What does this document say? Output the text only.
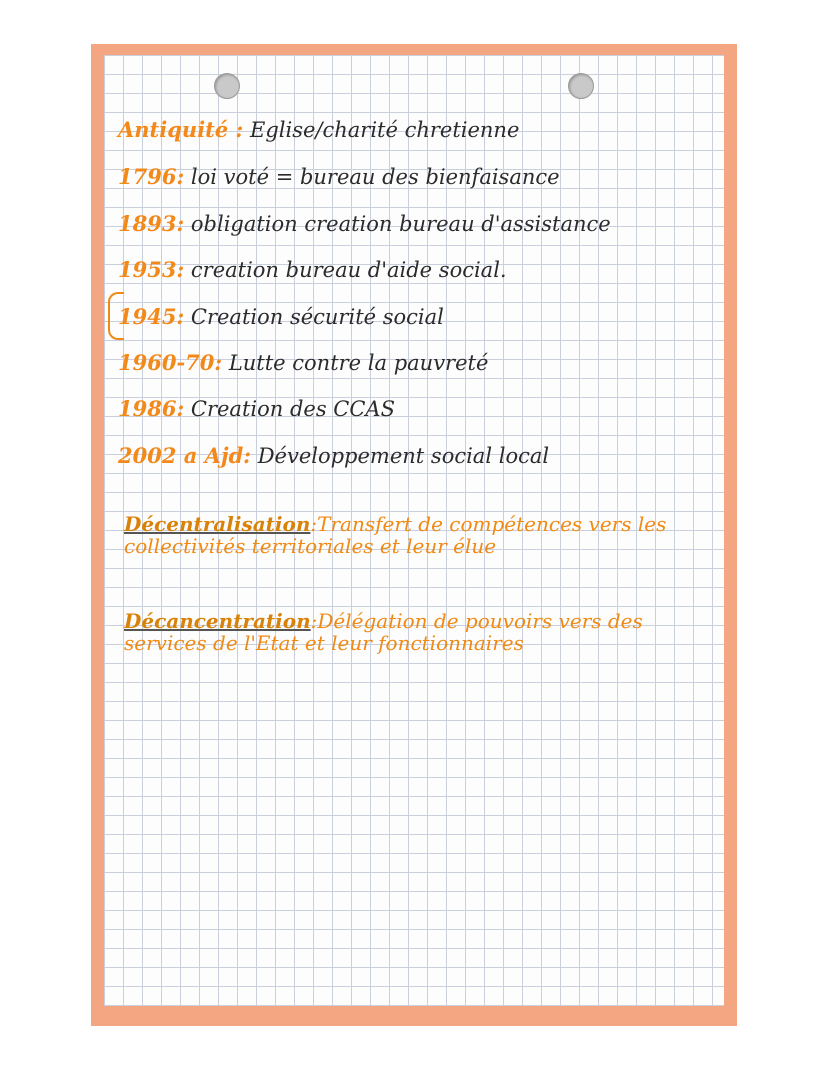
Antiquité : Eglise/charité chretienne
1796: loi voté = bureau des bienfaisance
1893: obligation creation bureau d'assistance
1953: creation bureau d'aide social.
1945: Creation sécurité social
1960-70: Lutte contre la pauvreté
1986: Creation des CCAS
2002 a Ajd: Développement social local
Décentralisation:Transfert de compétences vers les collectivités territoriales et leur élue
Décancentration:Délégation de pouvoirs vers des services de l'Etat et leur fonctionnaires
